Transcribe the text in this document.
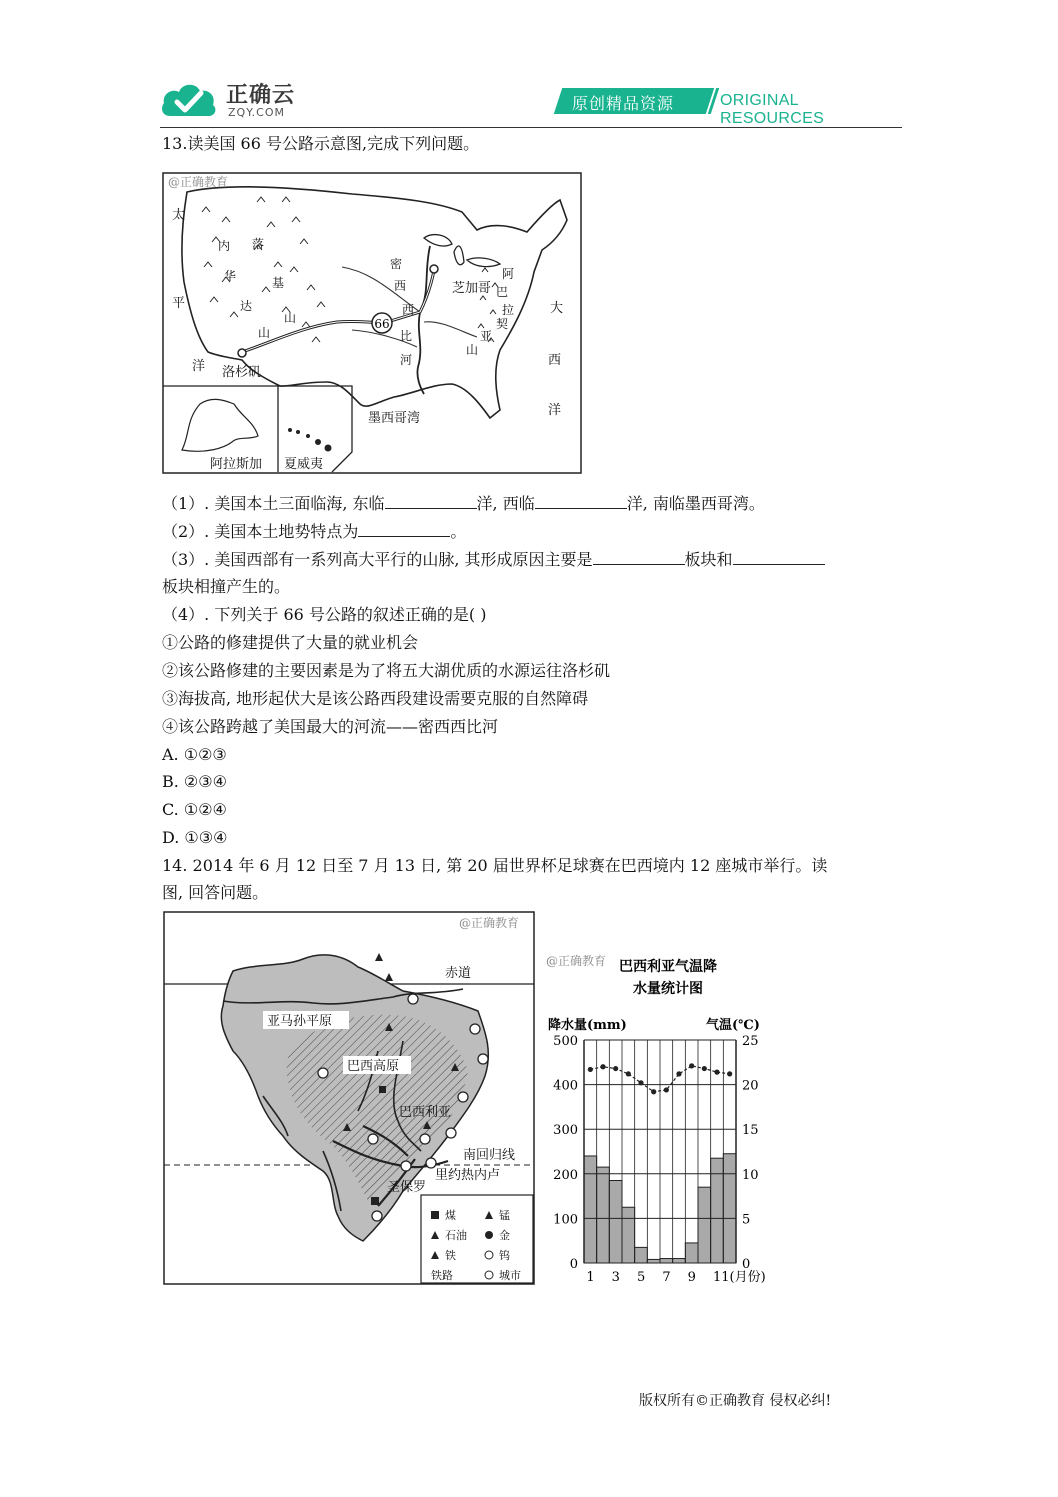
正确云
ZQY.COM	原创精品资源	ORIGINAL RESOURCES
13.读美国 66 号公路示意图,完成下列问题。
66
太
平
洋
大
西
洋
内
华
达
山
落
基
山
密
西
西
比
河
阿
巴
拉
契
亚
山
芝加哥
洛杉矶
墨西哥湾
阿拉斯加 夏威夷
@正确教育
（1）. 美国本土三面临海, 东临	洋, 西临	洋, 南临墨西哥湾。
（2）. 美国本土地势特点为	。
（3）. 美国西部有一系列高大平行的山脉, 其形成原因主要是	板块和
板块相撞产生的。
（4）. 下列关于 66 号公路的叙述正确的是( )
①公路的修建提供了大量的就业机会
②该公路修建的主要因素是为了将五大湖优质的水源运往洛杉矶
③海拔高, 地形起伏大是该公路西段建设需要克服的自然障碍
④该公路跨越了美国最大的河流——密西西比河
A. ①②③
B. ②③④
C. ①②④
D. ①③④
14. 2014 年 6 月 12 日至 7 月 13 日, 第 20 届世界杯足球赛在巴西境内 12 座城市举行。读
图, 回答问题。
赤道
亚马孙平原
巴西高原
巴西利亚
南回归线
里约热内卢
圣保罗
煤	锰
石油	金
铁	钨
铁路	城市
@正确教育
@正确教育 巴西利亚气温降
水量统计图
降水量(mm)	气温(℃)
0	0
100	5
200	10
300	15
400	20
500	25
1 3 5 7 9 11(月份)
版权所有©正确教育 侵权必纠!
